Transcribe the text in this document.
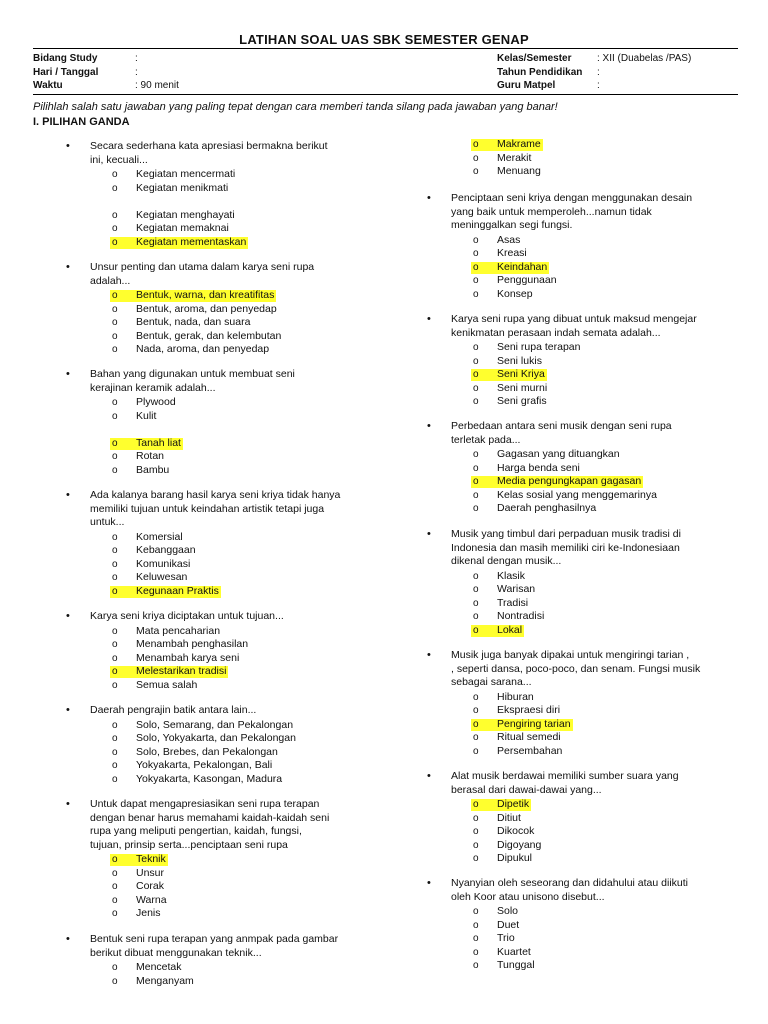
LATIHAN SOAL UAS SBK SEMESTER GENAP
Bidang Study	:
Hari / Tanggal	:
Waktu	: 90 menit
Kelas/Semester	: XII (Duabelas /PAS)
Tahun Pendidikan	:
Guru Matpel	:
Pilihlah salah satu jawaban yang paling tepat dengan cara memberi tanda silang pada jawaban yang banar!
I. PILIHAN GANDA
• Secara sederhana kata apresiasi bermakna berikut
ini, kecuali...
o Kegiatan mencermati
o Kegiatan menikmati
o Kegiatan menghayati
o Kegiatan memaknai
o Kegiatan mementaskan
• Unsur penting dan utama dalam karya seni rupa
adalah...
o Bentuk, warna, dan kreatifitas
o Bentuk, aroma, dan penyedap
o Bentuk, nada, dan suara
o Bentuk, gerak, dan kelembutan
o Nada, aroma, dan penyedap
• Bahan yang digunakan untuk membuat seni
kerajinan keramik adalah...
o Plywood
o Kulit
o Tanah liat
o Rotan
o Bambu
• Ada kalanya barang hasil karya seni kriya tidak hanya
memiliki tujuan untuk keindahan artistik tetapi juga
untuk...
o Komersial
o Kebanggaan
o Komunikasi
o Keluwesan
o Kegunaan Praktis
• Karya seni kriya diciptakan untuk tujuan...
o Mata pencaharian
o Menambah penghasilan
o Menambah karya seni
o Melestarikan tradisi
o Semua salah
• Daerah pengrajin batik antara lain...
o Solo, Semarang, dan Pekalongan
o Solo, Yokyakarta, dan Pekalongan
o Solo, Brebes, dan Pekalongan
o Yokyakarta, Pekalongan, Bali
o Yokyakarta, Kasongan, Madura
• Untuk dapat mengapresiasikan seni rupa terapan
dengan benar harus memahami kaidah-kaidah seni
rupa yang meliputi pengertian, kaidah, fungsi,
tujuan, prinsip serta...penciptaan seni rupa
o Teknik
o Unsur
o Corak
o Warna
o Jenis
• Bentuk seni rupa terapan yang anmpak pada gambar
berikut dibuat menggunakan teknik...
o Mencetak
o Menganyam
o Makrame
o Merakit
o Menuang
• Penciptaan seni kriya dengan menggunakan desain
yang baik untuk memperoleh...namun tidak
meninggalkan segi fungsi.
o Asas
o Kreasi
o Keindahan
o Penggunaan
o Konsep
• Karya seni rupa yang dibuat untuk maksud mengejar
kenikmatan perasaan indah semata adalah...
o Seni rupa terapan
o Seni lukis
o Seni Kriya
o Seni murni
o Seni grafis
• Perbedaan antara seni musik dengan seni rupa
terletak pada...
o Gagasan yang dituangkan
o Harga benda seni
o Media pengungkapan gagasan
o Kelas sosial yang menggemarinya
o Daerah penghasilnya
• Musik yang timbul dari perpaduan musik tradisi di
Indonesia dan masih memiliki ciri ke-Indonesiaan
dikenal dengan musik...
o Klasik
o Warisan
o Tradisi
o Nontradisi
o Lokal
• Musik juga banyak dipakai untuk mengiringi tarian ,
, seperti dansa, poco-poco, dan senam. Fungsi musik
sebagai sarana...
o Hiburan
o Ekspraesi diri
o Pengiring tarian
o Ritual semedi
o Persembahan
• Alat musik berdawai memiliki sumber suara yang
berasal dari dawai-dawai yang...
o Dipetik
o Ditiut
o Dikocok
o Digoyang
o Dipukul
• Nyanyian oleh seseorang dan didahului atau diikuti
oleh Koor atau unisono disebut...
o Solo
o Duet
o Trio
o Kuartet
o Tunggal
